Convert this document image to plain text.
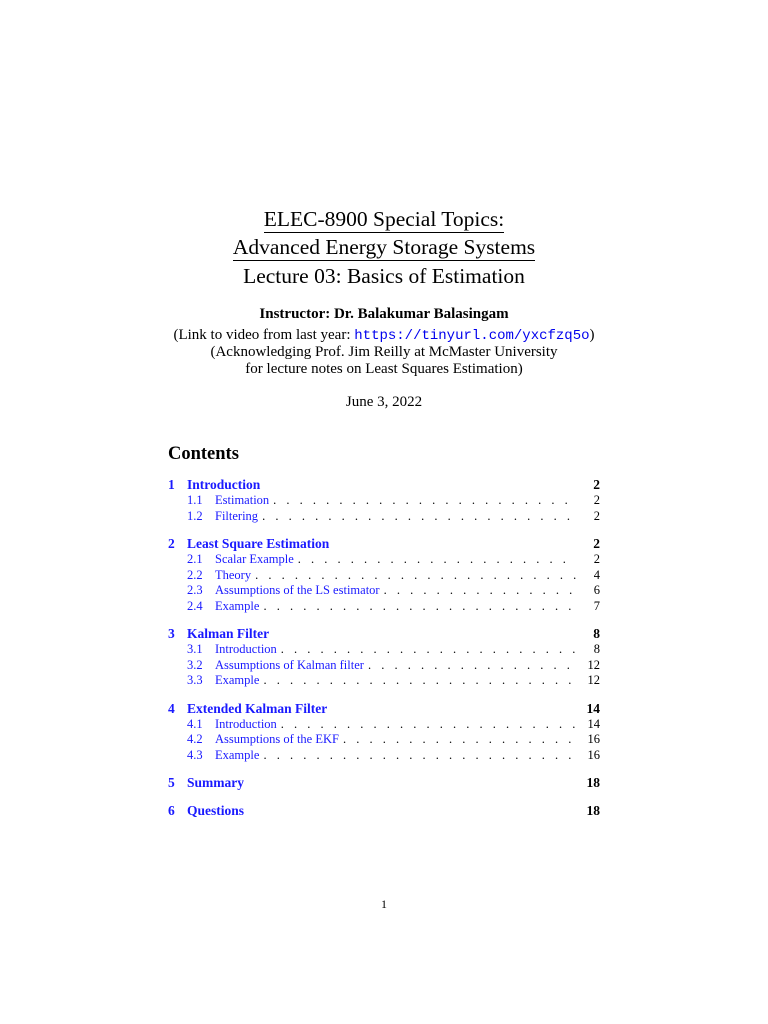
ELEC-8900 Special Topics:
Advanced Energy Storage Systems
Lecture 03: Basics of Estimation
Instructor: Dr. Balakumar Balasingam
(Link to video from last year: https://tinyurl.com/yxcfzq5o)
(Acknowledging Prof. Jim Reilly at McMaster University
for lecture notes on Least Squares Estimation)
June 3, 2022
Contents
1 Introduction	2
1.1 Estimation . . .	2
1.2 Filtering . . .	2
2 Least Square Estimation	2
2.1 Scalar Example . . .	2
2.2 Theory . . .	4
2.3 Assumptions of the LS estimator . . .	6
2.4 Example . . .	7
3 Kalman Filter	8
3.1 Introduction . . .	8
3.2 Assumptions of Kalman filter . . .	12
3.3 Example . . .	12
4 Extended Kalman Filter	14
4.1 Introduction . . .	14
4.2 Assumptions of the EKF . . .	16
4.3 Example . . .	16
5 Summary	18
6 Questions	18
1
